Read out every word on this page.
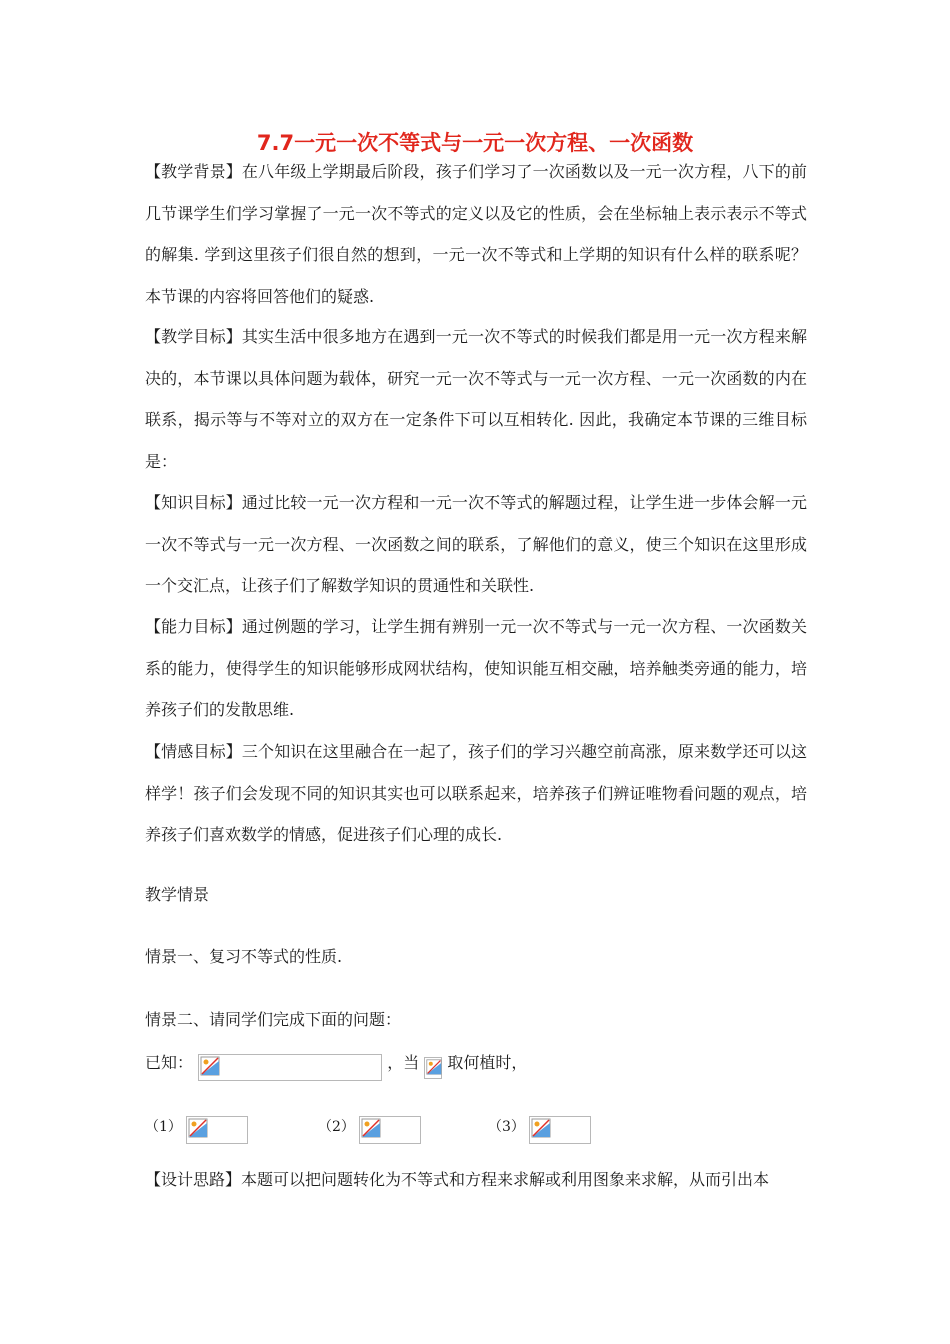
7.7一元一次不等式与一元一次方程、一次函数

【教学背景】在八年级上学期最后阶段，孩子们学习了一次函数以及一元一次方程，八下的前几节课学生们学习掌握了一元一次不等式的定义以及它的性质，会在坐标轴上表示表示不等式的解集. 学到这里孩子们很自然的想到，一元一次不等式和上学期的知识有什么样的联系呢？本节课的内容将回答他们的疑惑.

【教学目标】其实生活中很多地方在遇到一元一次不等式的时候我们都是用一元一次方程来解决的，本节课以具体问题为载体，研究一元一次不等式与一元一次方程、一元一次函数的内在联系，揭示等与不等对立的双方在一定条件下可以互相转化. 因此，我确定本节课的三维目标是：

【知识目标】通过比较一元一次方程和一元一次不等式的解题过程，让学生进一步体会解一元一次不等式与一元一次方程、一次函数之间的联系，了解他们的意义，使三个知识在这里形成一个交汇点，让孩子们了解数学知识的贯通性和关联性.

【能力目标】通过例题的学习，让学生拥有辨别一元一次不等式与一元一次方程、一次函数关系的能力，使得学生的知识能够形成网状结构，使知识能互相交融，培养触类旁通的能力，培养孩子们的发散思维.

【情感目标】三个知识在这里融合在一起了，孩子们的学习兴趣空前高涨，原来数学还可以这样学！孩子们会发现不同的知识其实也可以联系起来，培养孩子们辨证唯物看问题的观点，培养孩子们喜欢数学的情感，促进孩子们心理的成长.

教学情景
情景一、复习不等式的性质.
情景二、请同学们完成下面的问题：
已知：	，当 取何植时，
（1）	（2）	（3）
【设计思路】本题可以把问题转化为不等式和方程来求解或利用图象来求解，从而引出本
